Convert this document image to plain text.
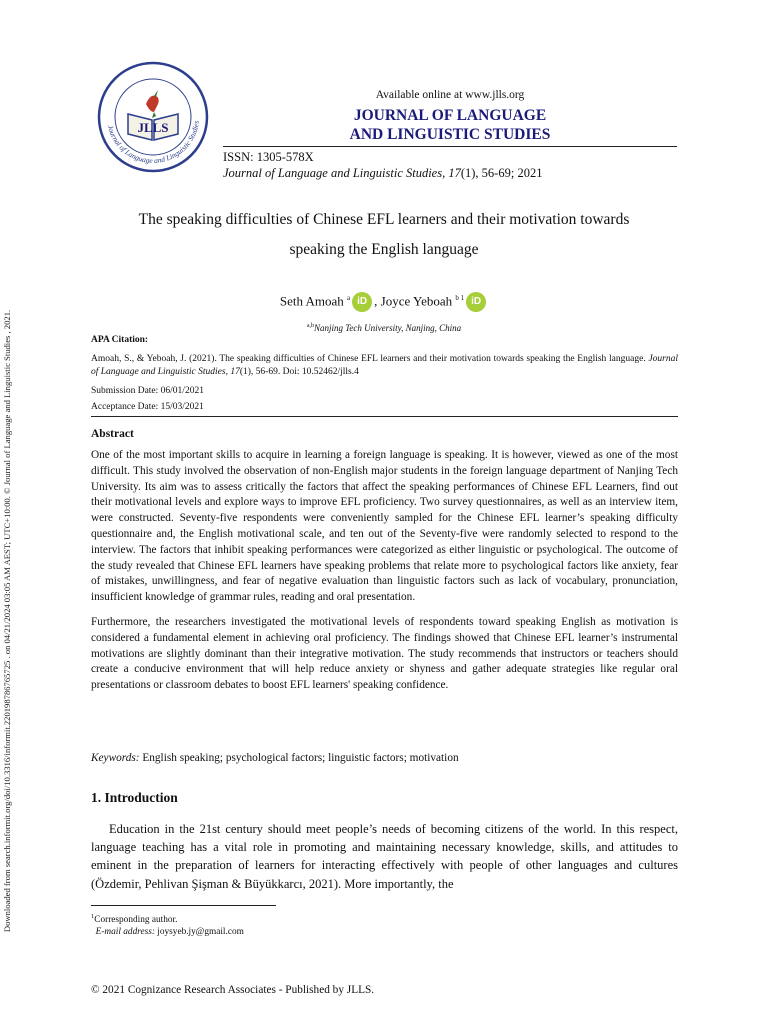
Downloaded from search.informit.org/doi/10.3316/informit.220198786765725 . on 04/21/2024 03:05 AM AEST; UTC+10:00. © Journal of Language and Linguistic Studies , 2021.
Journal of Language and Linguistic Studies
JLLS
Available online at www.jlls.org
JOURNAL OF LANGUAGE
AND LINGUISTIC STUDIES
ISSN: 1305-578X
Journal of Language and Linguistic Studies, 17(1), 56-69; 2021
The speaking difficulties of Chinese EFL learners and their motivation towards
speaking the English language
Seth Amoah $^a$ iD , Joyce Yeboah $^{b 1}$ iD
$^{a,b}$Nanjing Tech University, Nanjing, China
APA Citation:

Amoah, S., & Yeboah, J. (2021). The speaking difficulties of Chinese EFL learners and their motivation towards speaking the English language. Journal of Language and Linguistic Studies, 17(1), 56-69. Doi: 10.52462/jlls.4

Submission Date: 06/01/2021
Acceptance Date: 15/03/2021
Abstract

One of the most important skills to acquire in learning a foreign language is speaking. It is however, viewed as one of the most difficult. This study involved the observation of non-English major students in the foreign language department of Nanjing Tech University. Its aim was to assess critically the factors that affect the speaking performances of Chinese EFL Learners, find out their motivational levels and explore ways to improve EFL proficiency. Two survey questionnaires, as well as an interview item, were constructed. Seventy-five respondents were conveniently sampled for the Chinese EFL learner’s speaking difficulty questionnaire and, the English motivational scale, and ten out of the Seventy-five were randomly selected to respond to the interview. The factors that inhibit speaking performances were categorized as either linguistic or psychological. The outcome of the study revealed that Chinese EFL learners have speaking problems that relate more to psychological factors like anxiety, fear of mistakes, unwillingness, and fear of negative evaluation than linguistic factors such as lack of vocabulary, pronunciation, insufficient knowledge of grammar rules, reading and oral presentation.

Furthermore, the researchers investigated the motivational levels of respondents toward speaking English as motivation is considered a fundamental element in achieving oral proficiency. The findings showed that Chinese EFL learner’s instrumental motivations are slightly dominant than their integrative motivation. The study recommends that instructors or teachers should create a conducive environment that will help reduce anxiety or shyness and gather adequate strategies like regular oral presentations or classroom debates to boost EFL learners' speaking confidence.

Keywords: English speaking; psychological factors; linguistic factors; motivation
1. Introduction

Education in the 21st century should meet people’s needs of becoming citizens of the world. In this respect, language teaching has a vital role in promoting and maintaining necessary knowledge, skills, and attitudes to eminent in the preparation of learners for interacting effectively with people of other languages and cultures (Özdemir, Pehlivan Şişman & Büyükkarcı, 2021). More importantly, the

$^1$Corresponding author.
E-mail address: joysyeb.jy@gmail.com
© 2021 Cognizance Research Associates - Published by JLLS.
